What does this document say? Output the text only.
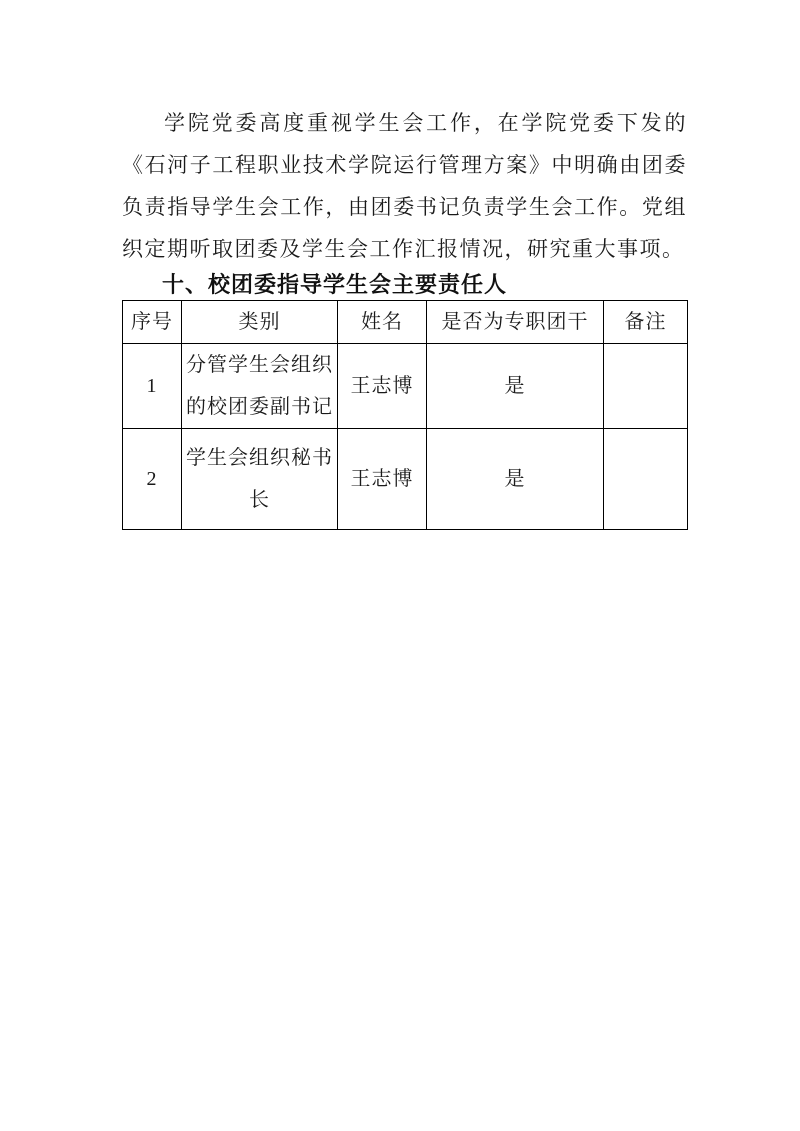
学院党委高度重视学生会工作，在学院党委下发的《石河子工程职业技术学院运行管理方案》中明确由团委负责指导学生会工作，由团委书记负责学生会工作。党组织定期听取团委及学生会工作汇报情况，研究重大事项。

十、校团委指导学生会主要责任人
序号	类别	姓名	是否为专职团干	备注
1	分管学生会组织的校团委副书记	王志博	是	
2	学生会组织秘书长	王志博	是	
